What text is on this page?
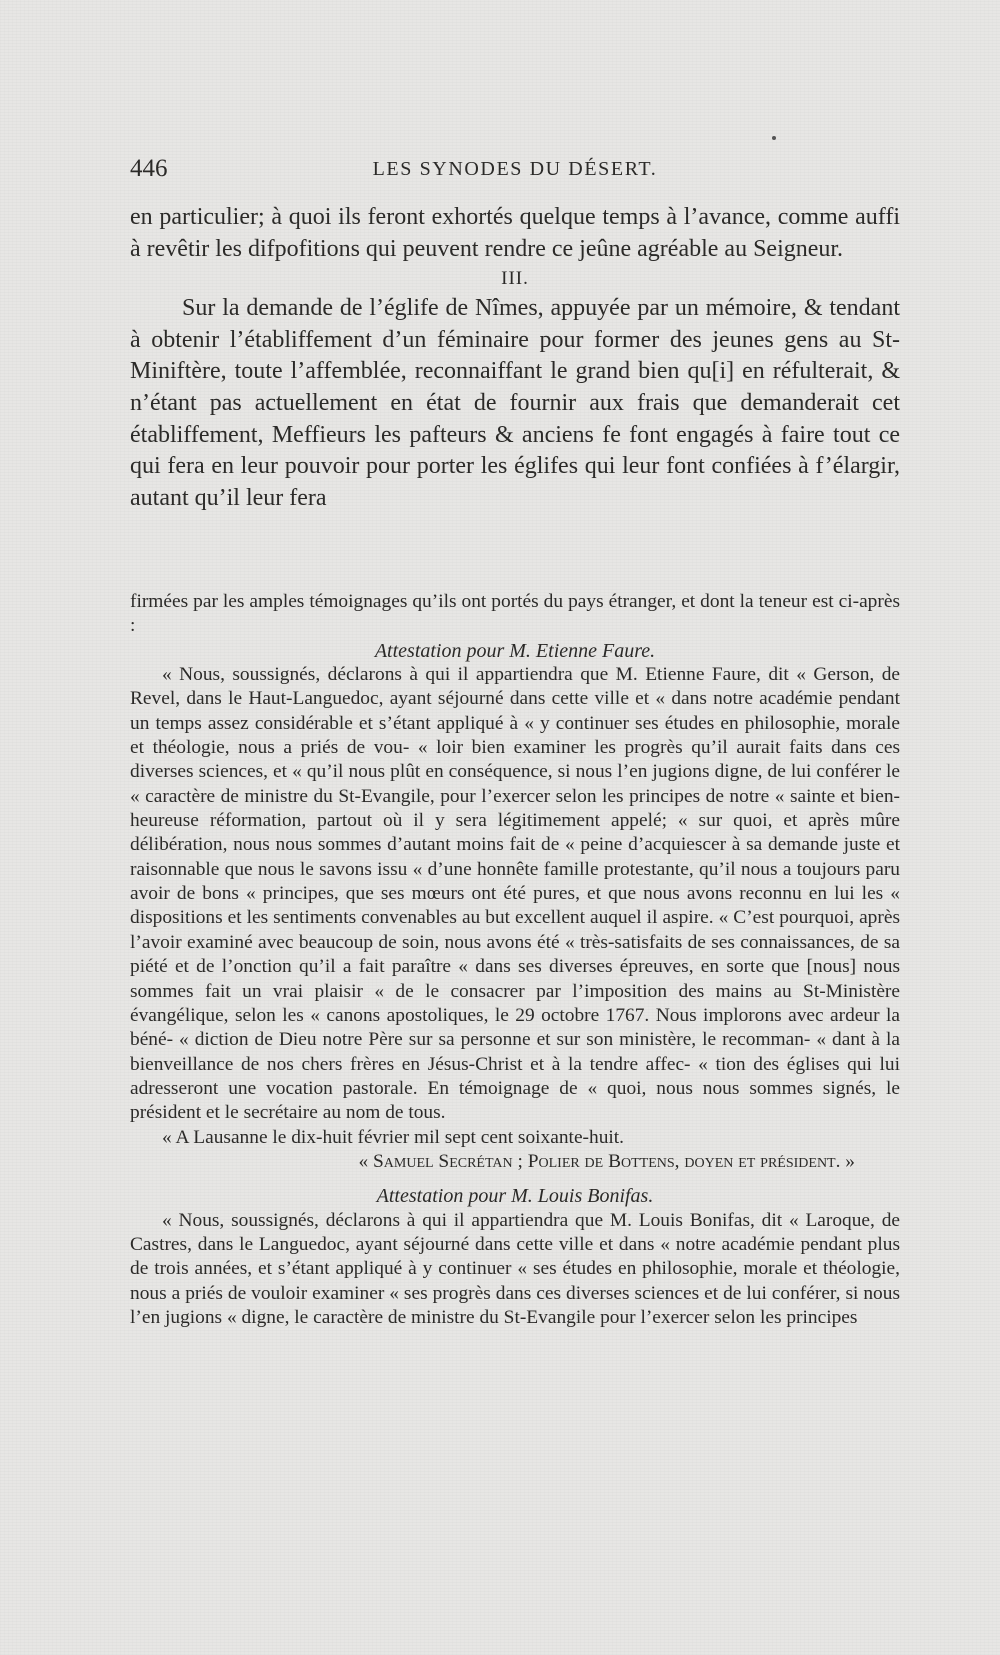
446	LES SYNODES DU DÉSERT.

en particulier; à quoi ils feront exhortés quelque temps à l’avance, comme auffi à revêtir les difpofitions qui peuvent rendre ce jeûne agréable au Seigneur.

III.

Sur la demande de l’églife de Nîmes, appuyée par un mémoire, & tendant à obtenir l’établiffement d’un féminaire pour former des jeunes gens au St-Miniftère, toute l’affemblée, reconnaiffant le grand bien qu[i] en réfulterait, & n’étant pas actuellement en état de fournir aux frais que demanderait cet établiffement, Meffieurs les pafteurs & anciens fe font engagés à faire tout ce qui fera en leur pouvoir pour porter les églifes qui leur font confiées à f’élargir, autant qu’il leur fera

firmées par les amples témoignages qu’ils ont portés du pays étranger, et dont la teneur est ci-après :

Attestation pour M. Etienne Faure.

« Nous, soussignés, déclarons à qui il appartiendra que M. Etienne Faure, dit « Gerson, de Revel, dans le Haut-Languedoc, ayant séjourné dans cette ville et « dans notre académie pendant un temps assez considérable et s’étant appliqué à « y continuer ses études en philosophie, morale et théologie, nous a priés de vou- « loir bien examiner les progrès qu’il aurait faits dans ces diverses sciences, et « qu’il nous plût en conséquence, si nous l’en jugions digne, de lui conférer le « caractère de ministre du St-Evangile, pour l’exercer selon les principes de notre « sainte et bien-heureuse réformation, partout où il y sera légitimement appelé; « sur quoi, et après mûre délibération, nous nous sommes d’autant moins fait de « peine d’acquiescer à sa demande juste et raisonnable que nous le savons issu « d’une honnête famille protestante, qu’il nous a toujours paru avoir de bons « principes, que ses mœurs ont été pures, et que nous avons reconnu en lui les « dispositions et les sentiments convenables au but excellent auquel il aspire. « C’est pourquoi, après l’avoir examiné avec beaucoup de soin, nous avons été « très-satisfaits de ses connaissances, de sa piété et de l’onction qu’il a fait paraître « dans ses diverses épreuves, en sorte que [nous] nous sommes fait un vrai plaisir « de le consacrer par l’imposition des mains au St-Ministère évangélique, selon les « canons apostoliques, le 29 octobre 1767. Nous implorons avec ardeur la béné- « diction de Dieu notre Père sur sa personne et sur son ministère, le recomman- « dant à la bienveillance de nos chers frères en Jésus-Christ et à la tendre affec- « tion des églises qui lui adresseront une vocation pastorale. En témoignage de « quoi, nous nous sommes signés, le président et le secrétaire au nom de tous.

« A Lausanne le dix-huit février mil sept cent soixante-huit.

« Samuel Secrétan ; Polier de Bottens, doyen et président. »

Attestation pour M. Louis Bonifas.

« Nous, soussignés, déclarons à qui il appartiendra que M. Louis Bonifas, dit « Laroque, de Castres, dans le Languedoc, ayant séjourné dans cette ville et dans « notre académie pendant plus de trois années, et s’étant appliqué à y continuer « ses études en philosophie, morale et théologie, nous a priés de vouloir examiner « ses progrès dans ces diverses sciences et de lui conférer, si nous l’en jugions « digne, le caractère de ministre du St-Evangile pour l’exercer selon les principes
